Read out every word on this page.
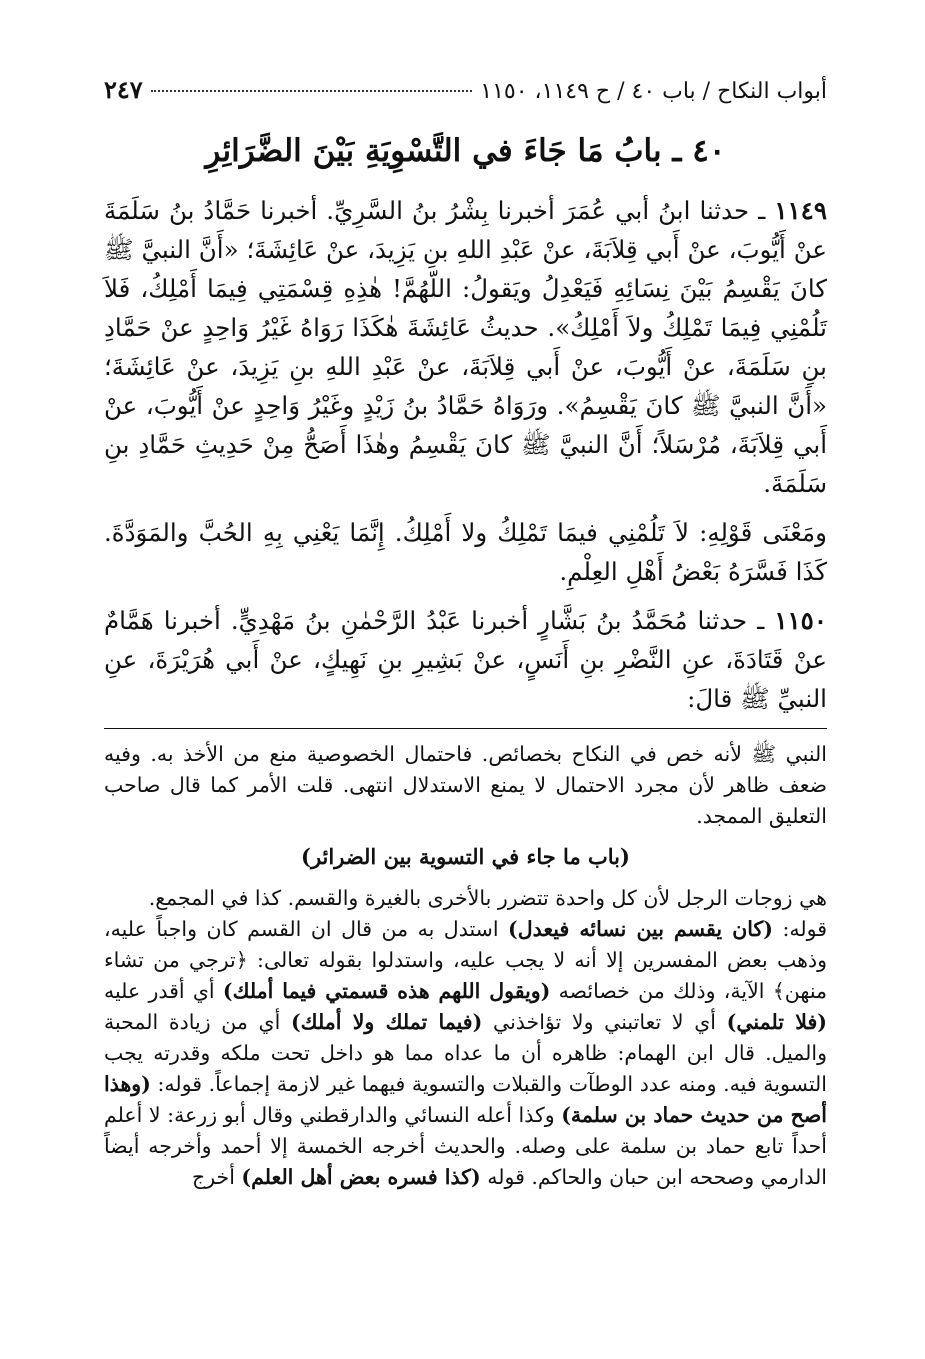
أبواب النكاح / باب ٤٠ / ح ١١٤٩، ١١٥٠
٢٤٧
٤٠ ـ بابُ مَا جَاءَ في التَّسْوِيَةِ بَيْنَ الضَّرَائِرِ

١١٤٩ ـ حدثنا ابنُ أبي عُمَرَ أخبرنا بِشْرُ بنُ السَّرِيِّ. أخبرنا حَمَّادُ بنُ سَلَمَةَ عنْ أَيُّوبَ، عنْ أَبي قِلاَبَةَ، عنْ عَبْدِ اللهِ بنِ يَزِيدَ، عنْ عَائِشَةَ؛ «أَنَّ النبيَّ ﷺ كانَ يَقْسِمُ بَيْنَ نِسَائِهِ فَيَعْدِلُ ويَقولُ: اللّهُمَّ! هٰذِهِ قِسْمَتِي فِيمَا أَمْلِكُ، فَلاَ تَلُمْنِي فِيمَا تَمْلِكُ ولاَ أَمْلِكُ». حديثُ عَائِشَةَ هٰكَذَا رَوَاهُ غَيْرُ وَاحِدٍ عنْ حَمَّادِ بنِ سَلَمَةَ، عنْ أَيُّوبَ، عنْ أَبي قِلاَبَةَ، عنْ عَبْدِ اللهِ بنِ يَزِيدَ، عنْ عَائِشَةَ؛ «أَنَّ النبيَّ ﷺ كانَ يَقْسِمُ». ورَوَاهُ حَمَّادُ بنُ زَيْدٍ وغَيْرُ وَاحِدٍ عنْ أَيُّوبَ، عنْ أَبي قِلاَبَةَ، مُرْسَلاً؛ أَنَّ النبيَّ ﷺ كانَ يَقْسِمُ وهٰذَا أَصَحُّ مِنْ حَدِيثِ حَمَّادِ بنِ سَلَمَةَ.

ومَعْنَى قَوْلِهِ: لاَ تَلُمْنِي فيمَا تَمْلِكُ ولا أَمْلِكُ. إِنَّمَا يَعْنِي بِهِ الحُبَّ والمَوَدَّةَ. كَذَا فَسَّرَهُ بَعْضُ أَهْلِ العِلْمِ.

١١٥٠ ـ حدثنا مُحَمَّدُ بنُ بَشَّارٍ أخبرنا عَبْدُ الرَّحْمٰنِ بنُ مَهْدِيٍّ. أخبرنا هَمَّامٌ عنْ قَتَادَةَ، عنِ النَّضْرِ بنِ أَنَسٍ، عنْ بَشِيرِ بنِ نَهِيكٍ، عنْ أَبي هُرَيْرَةَ، عنِ النبيِّ ﷺ قالَ:

النبي ﷺ لأنه خص في النكاح بخصائص. فاحتمال الخصوصية منع من الأخذ به. وفيه ضعف ظاهر لأن مجرد الاحتمال لا يمنع الاستدلال انتهى. قلت الأمر كما قال صاحب التعليق الممجد.

(باب ما جاء في التسوية بين الضرائر)

هي زوجات الرجل لأن كل واحدة تتضرر بالأخرى بالغيرة والقسم. كذا في المجمع.

قوله: (كان يقسم بين نسائه فيعدل) استدل به من قال ان القسم كان واجباً عليه، وذهب بعض المفسرين إلا أنه لا يجب عليه، واستدلوا بقوله تعالى: ﴿ترجي من تشاء منهن﴾ الآية، وذلك من خصائصه (ويقول اللهم هذه قسمتي فيما أملك) أي أقدر عليه (فلا تلمني) أي لا تعاتبني ولا تؤاخذني (فيما تملك ولا أملك) أي من زيادة المحبة والميل. قال ابن الهمام: ظاهره أن ما عداه مما هو داخل تحت ملكه وقدرته يجب التسوية فيه. ومنه عدد الوطآت والقبلات والتسوية فيهما غير لازمة إجماعاً. قوله: (وهذا أصح من حديث حماد بن سلمة) وكذا أعله النسائي والدارقطني وقال أبو زرعة: لا أعلم أحداً تابع حماد بن سلمة على وصله. والحديث أخرجه الخمسة إلا أحمد وأخرجه أيضاً الدارمي وصححه ابن حبان والحاكم. قوله (كذا فسره بعض أهل العلم) أخرج
